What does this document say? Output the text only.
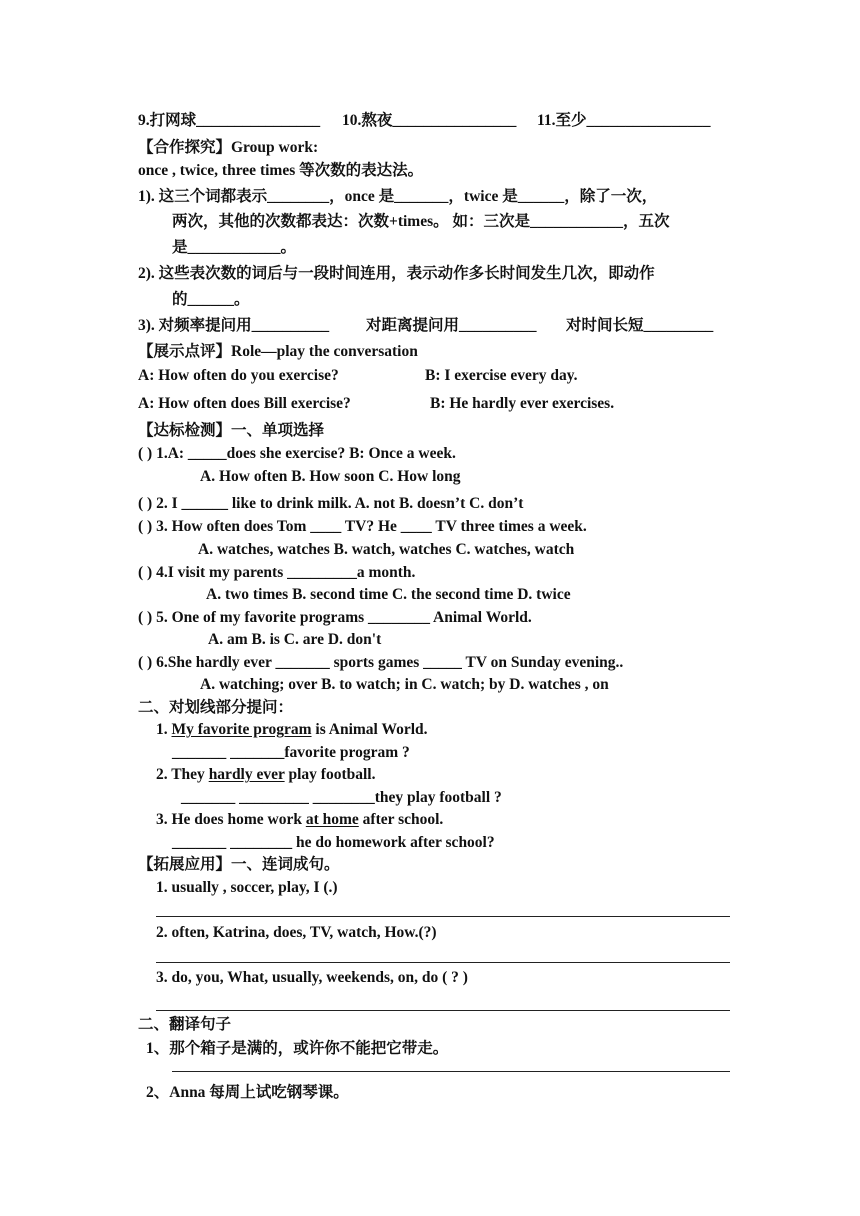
9.打网球________________ 10.熬夜________________ 11.至少________________
【合作探究】Group work:
once , twice, three times 等次数的表达法。
1). 这三个词都表示________，once 是_______，twice 是______，除了一次，
两次，其他的次数都表达：次数+times。 如：三次是____________，五次
是____________。
2). 这些表次数的词后与一段时间连用，表示动作多长时间发生几次，即动作
的______。
3). 对频率提问用__________ 对距离提问用__________ 对时间长短_________
【展示点评】Role—play the conversation
A: How often do you exercise?	B: I exercise every day.
A: How often does Bill exercise?	B: He hardly ever exercises.
【达标检测】一、单项选择
( ) 1.A: _____does she exercise? B: Once a week.
A. How often B. How soon C. How long
( ) 2. I ______ like to drink milk. A. not B. doesn’t C. don’t
( ) 3. How often does Tom ____ TV? He ____ TV three times a week.
A. watches, watches B. watch, watches C. watches, watch
( ) 4.I visit my parents _________a month.
A. two times B. second time C. the second time D. twice
( ) 5. One of my favorite programs ________ Animal World.
A. am B. is C. are D. don't
( ) 6.She hardly ever _______ sports games _____ TV on Sunday evening..
A. watching; over B. to watch; in C. watch; by D. watches , on
二、对划线部分提问：
1. My favorite program is Animal World.
_______ _______favorite program ?
2. They hardly ever play football.
_______ _________ ________they play football ?
3. He does home work at home after school.
_______ ________ he do homework after school?
【拓展应用】一、连词成句。
1. usually , soccer, play, I (.)
2. often, Katrina, does, TV, watch, How.(?)
3. do, you, What, usually, weekends, on, do ( ? )
二、翻译句子
1、那个箱子是满的，或许你不能把它带走。
2、Anna 每周上试吃钢琴课。
